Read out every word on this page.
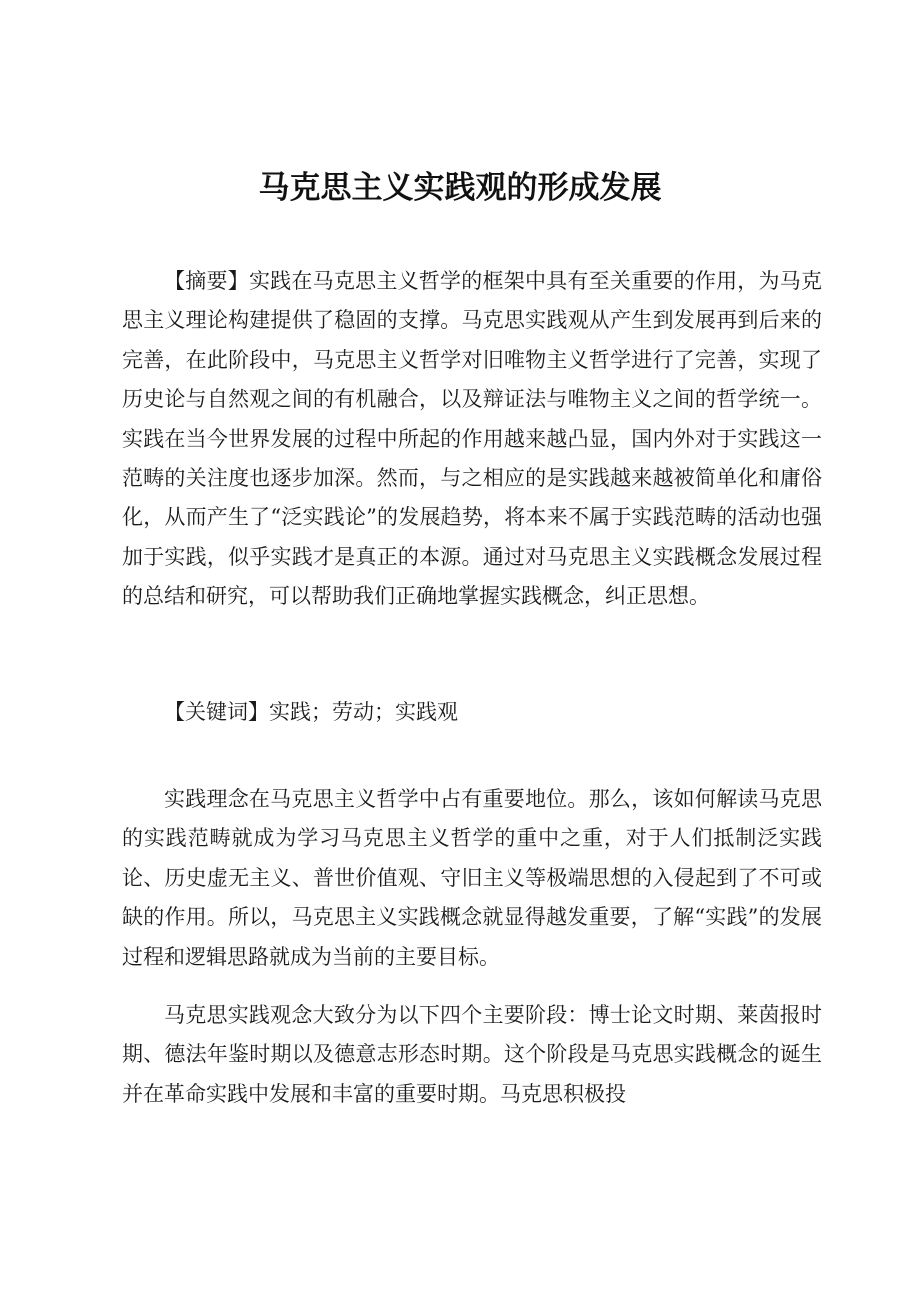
马克思主义实践观的形成发展

【摘要】实践在马克思主义哲学的框架中具有至关重要的作用，为马克思主义理论构建提供了稳固的支撑。马克思实践观从产生到发展再到后来的完善，在此阶段中，马克思主义哲学对旧唯物主义哲学进行了完善，实现了历史论与自然观之间的有机融合，以及辩证法与唯物主义之间的哲学统一。实践在当今世界发展的过程中所起的作用越来越凸显，国内外对于实践这一范畴的关注度也逐步加深。然而，与之相应的是实践越来越被简单化和庸俗化，从而产生了“泛实践论”的发展趋势，将本来不属于实践范畴的活动也强加于实践，似乎实践才是真正的本源。通过对马克思主义实践概念发展过程的总结和研究，可以帮助我们正确地掌握实践概念，纠正思想。

【关键词】实践；劳动；实践观

实践理念在马克思主义哲学中占有重要地位。那么，该如何解读马克思的实践范畴就成为学习马克思主义哲学的重中之重，对于人们抵制泛实践论、历史虚无主义、普世价值观、守旧主义等极端思想的入侵起到了不可或缺的作用。所以，马克思主义实践概念就显得越发重要，了解“实践”的发展过程和逻辑思路就成为当前的主要目标。

马克思实践观念大致分为以下四个主要阶段：博士论文时期、莱茵报时期、德法年鉴时期以及德意志形态时期。这个阶段是马克思实践概念的诞生并在革命实践中发展和丰富的重要时期。马克思积极投
